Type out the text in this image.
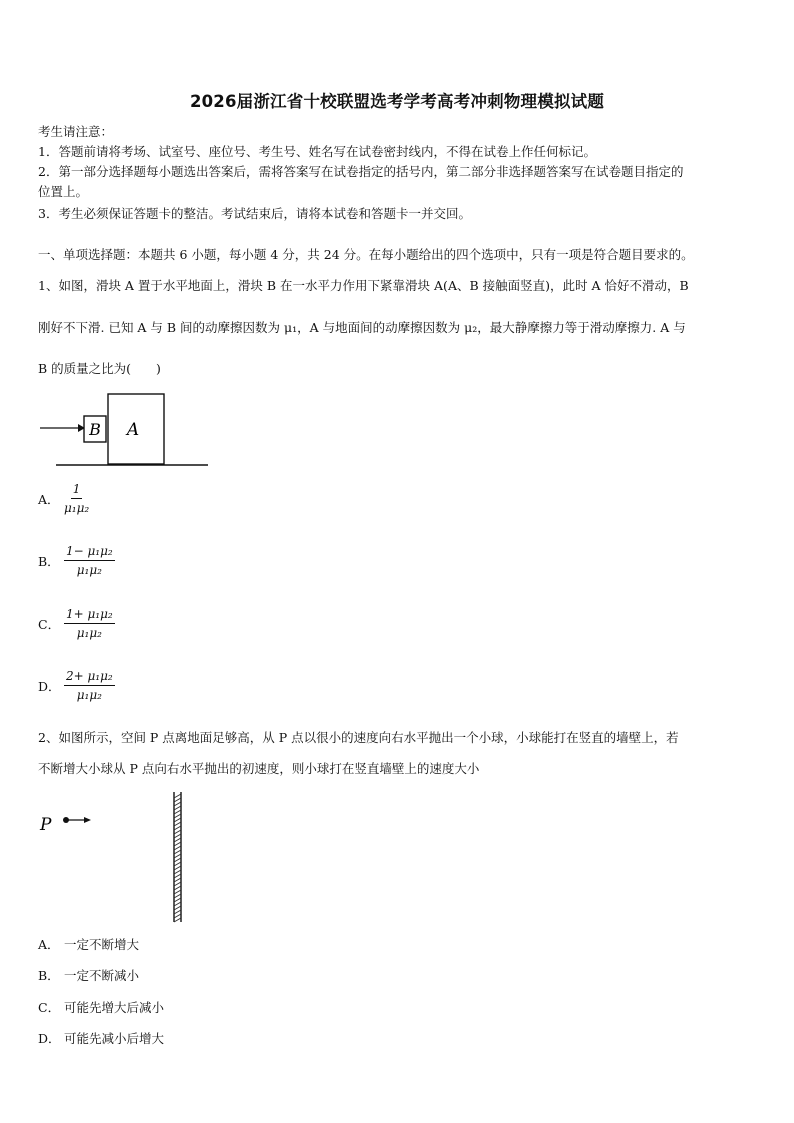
2026届浙江省十校联盟选考学考高考冲刺物理模拟试题
考生请注意：
1．答题前请将考场、试室号、座位号、考生号、姓名写在试卷密封线内，不得在试卷上作任何标记。
2．第一部分选择题每小题选出答案后，需将答案写在试卷指定的括号内，第二部分非选择题答案写在试卷题目指定的
位置上。
3．考生必须保证答题卡的整洁。考试结束后，请将本试卷和答题卡一并交回。
一、单项选择题：本题共 6 小题，每小题 4 分，共 24 分。在每小题给出的四个选项中，只有一项是符合题目要求的。
1、如图，滑块 A 置于水平地面上，滑块 B 在一水平力作用下紧靠滑块 A(A、B 接触面竖直)，此时 A 恰好不滑动，B
刚好不下滑. 已知 A 与 B 间的动摩擦因数为 μ₁，A 与地面间的动摩擦因数为 μ₂，最大静摩擦力等于滑动摩擦力. A 与
B 的质量之比为(　　)
B A
A． $\frac{1}{\text{μ₁μ₂}}$
B． $\frac{\text{1− μ₁μ₂}}{\text{μ₁μ₂}}$
C． $\frac{\text{1+ μ₁μ₂}}{\text{μ₁μ₂}}$
D． $\frac{\text{2+ μ₁μ₂}}{\text{μ₁μ₂}}$
2、如图所示，空间 P 点离地面足够高，从 P 点以很小的速度向右水平抛出一个小球，小球能打在竖直的墙壁上，若
不断增大小球从 P 点向右水平抛出的初速度，则小球打在竖直墙壁上的速度大小
P
A． 一定不断增大
B． 一定不断减小
C． 可能先增大后减小
D． 可能先减小后增大
